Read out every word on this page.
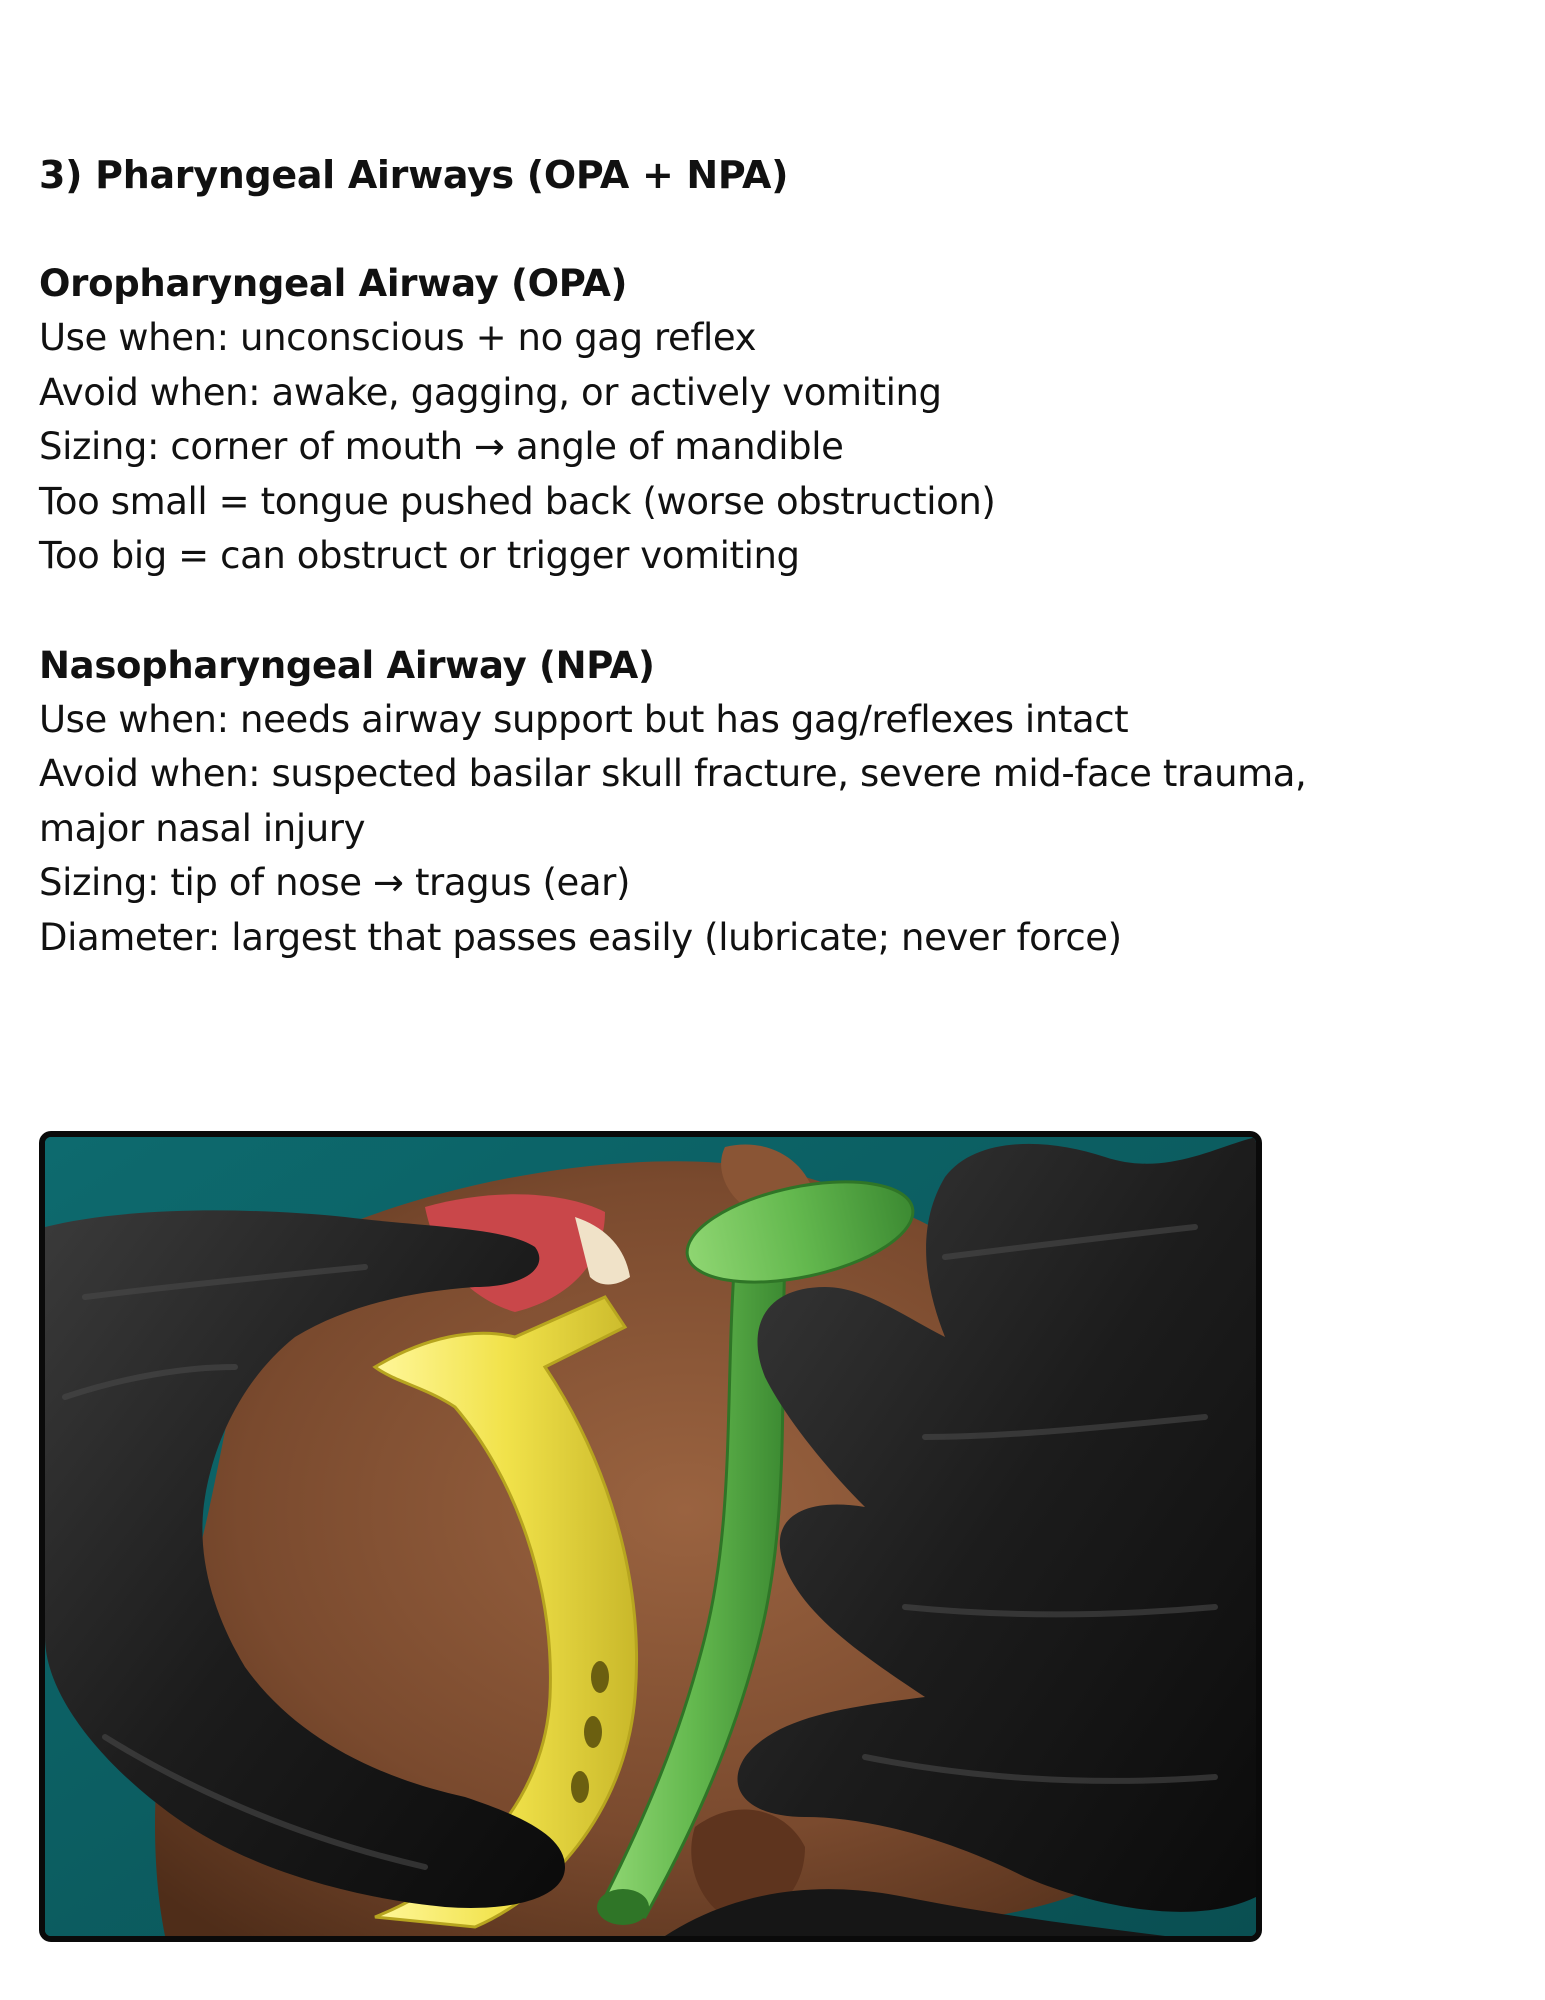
3) Pharyngeal Airways (OPA + NPA)

Oropharyngeal Airway (OPA)

Use when: unconscious + no gag reflex

Avoid when: awake, gagging, or actively vomiting

Sizing: corner of mouth → angle of mandible

Too small = tongue pushed back (worse obstruction)

Too big = can obstruct or trigger vomiting

Nasopharyngeal Airway (NPA)

Use when: needs airway support but has gag/reflexes intact

Avoid when: suspected basilar skull fracture, severe mid-face trauma,

major nasal injury

Sizing: tip of nose → tragus (ear)

Diameter: largest that passes easily (lubricate; never force)
